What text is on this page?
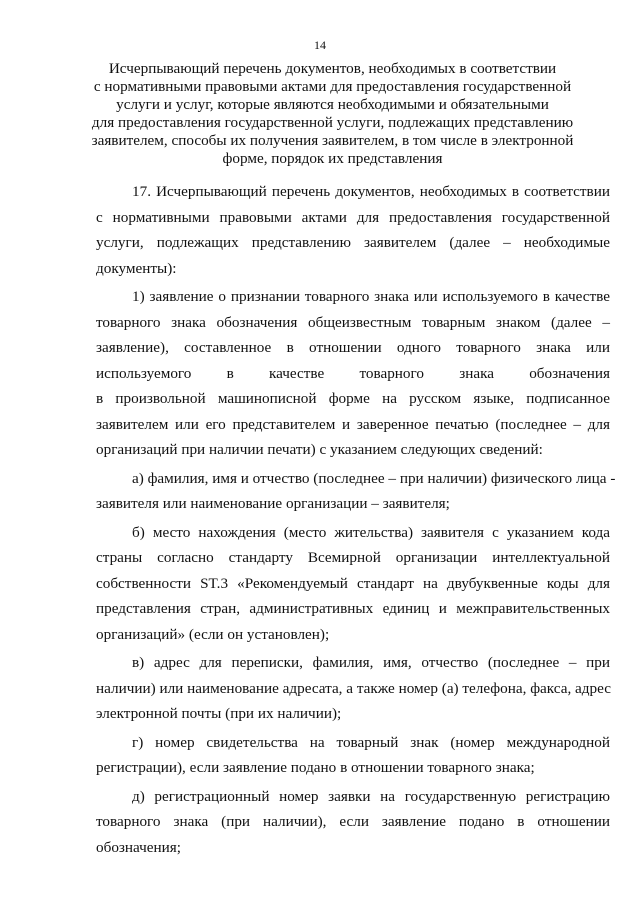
14
Исчерпывающий перечень документов, необходимых в соответствии
с нормативными правовыми актами для предоставления государственной
услуги и услуг, которые являются необходимыми и обязательными
для предоставления государственной услуги, подлежащих представлению
заявителем, способы их получения заявителем, в том числе в электронной
форме, порядок их представления
17. Исчерпывающий перечень документов, необходимых в соответствии
с нормативными правовыми актами для предоставления государственной
услуги, подлежащих представлению заявителем (далее – необходимые
документы):
1) заявление о признании товарного знака или используемого в качестве
товарного знака обозначения общеизвестным товарным знаком (далее –
заявление), составленное в отношении одного товарного знака или
используемого в качестве товарного знака обозначения
в произвольной машинописной форме на русском языке, подписанное
заявителем или его представителем и заверенное печатью (последнее – для
организаций при наличии печати) с указанием следующих сведений:
а) фамилия, имя и отчество (последнее – при наличии) физического лица -
заявителя или наименование организации – заявителя;
б) место нахождения (место жительства) заявителя с указанием кода
страны согласно стандарту Всемирной организации интеллектуальной
собственности ST.3 «Рекомендуемый стандарт на двубуквенные коды для
представления стран, административных единиц и межправительственных
организаций» (если он установлен);
в) адрес для переписки, фамилия, имя, отчество (последнее – при
наличии) или наименование адресата, а также номер (а) телефона, факса, адрес
электронной почты (при их наличии);
г) номер свидетельства на товарный знак (номер международной
регистрации), если заявление подано в отношении товарного знака;
д) регистрационный номер заявки на государственную регистрацию
товарного знака (при наличии), если заявление подано в отношении
обозначения;
